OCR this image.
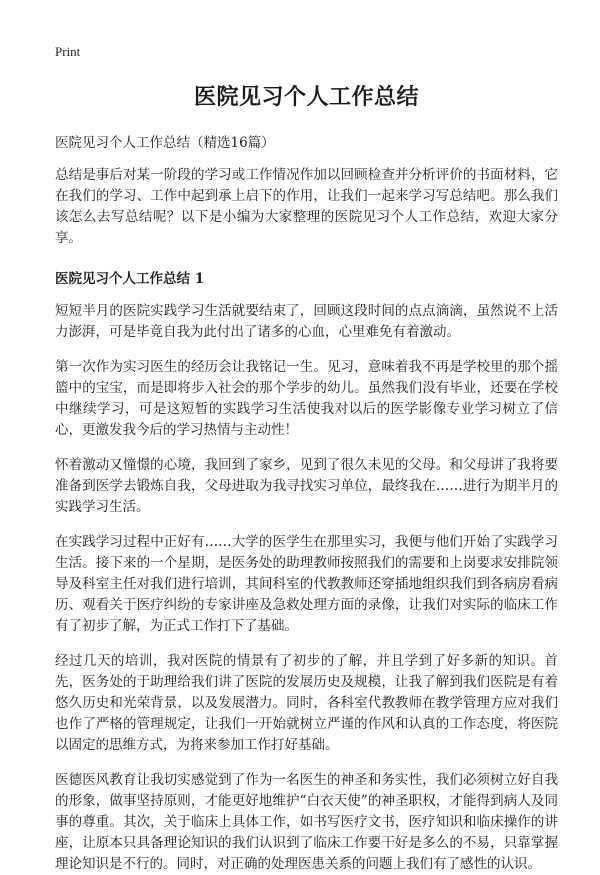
Print
医院见习个人工作总结
医院见习个人工作总结（精选16篇）

总结是事后对某一阶段的学习或工作情况作加以回顾检查并分析评价的书面材料，它在我们的学习、工作中起到承上启下的作用，让我们一起来学习写总结吧。那么我们该怎么去写总结呢？以下是小编为大家整理的医院见习个人工作总结，欢迎大家分享。

医院见习个人工作总结 1

短短半月的医院实践学习生活就要结束了，回顾这段时间的点点滴滴，虽然说不上活力澎湃，可是毕竟自我为此付出了诸多的心血，心里难免有着激动。

第一次作为实习医生的经历会让我铭记一生。见习，意味着我不再是学校里的那个摇篮中的宝宝，而是即将步入社会的那个学步的幼儿。虽然我们没有毕业，还要在学校中继续学习，可是这短暂的实践学习生活使我对以后的医学影像专业学习树立了信心，更激发我今后的学习热情与主动性！

怀着激动又憧憬的心境，我回到了家乡，见到了很久未见的父母。和父母讲了我将要准备到医学去锻炼自我，父母进取为我寻找实习单位，最终我在……进行为期半月的实践学习生活。

在实践学习过程中正好有……大学的医学生在那里实习，我便与他们开始了实践学习生活。接下来的一个星期，是医务处的助理教师按照我们的需要和上岗要求安排院领导及科室主任对我们进行培训，其间科室的代教教师还穿插地组织我们到各病房看病历、观看关于医疗纠纷的专家讲座及急救处理方面的录像，让我们对实际的临床工作有了初步了解，为正式工作打下了基础。

经过几天的培训，我对医院的情景有了初步的了解，并且学到了好多新的知识。首先，医务处的于助理给我们讲了医院的发展历史及规模，让我了解到我们医院是有着悠久历史和光荣背景，以及发展潜力。同时，各科室代教教师在教学管理方应对我们也作了严格的管理规定，让我们一开始就树立严谨的作风和认真的工作态度，将医院以固定的思维方式，为将来参加工作打好基础。

医德医风教育让我切实感觉到了作为一名医生的神圣和务实性，我们必须树立好自我的形象，做事坚持原则，才能更好地维护“白衣天使”的神圣职权，才能得到病人及同事的尊重。其次，关于临床上具体工作，如书写医疗文书，医疗知识和临床操作的讲座，让原本只具备理论知识的我们认识到了临床工作要干好是多么的不易，只靠掌握理论知识是不行的。同时，对正确的处理医患关系的问题上我们有了感性的认识。
